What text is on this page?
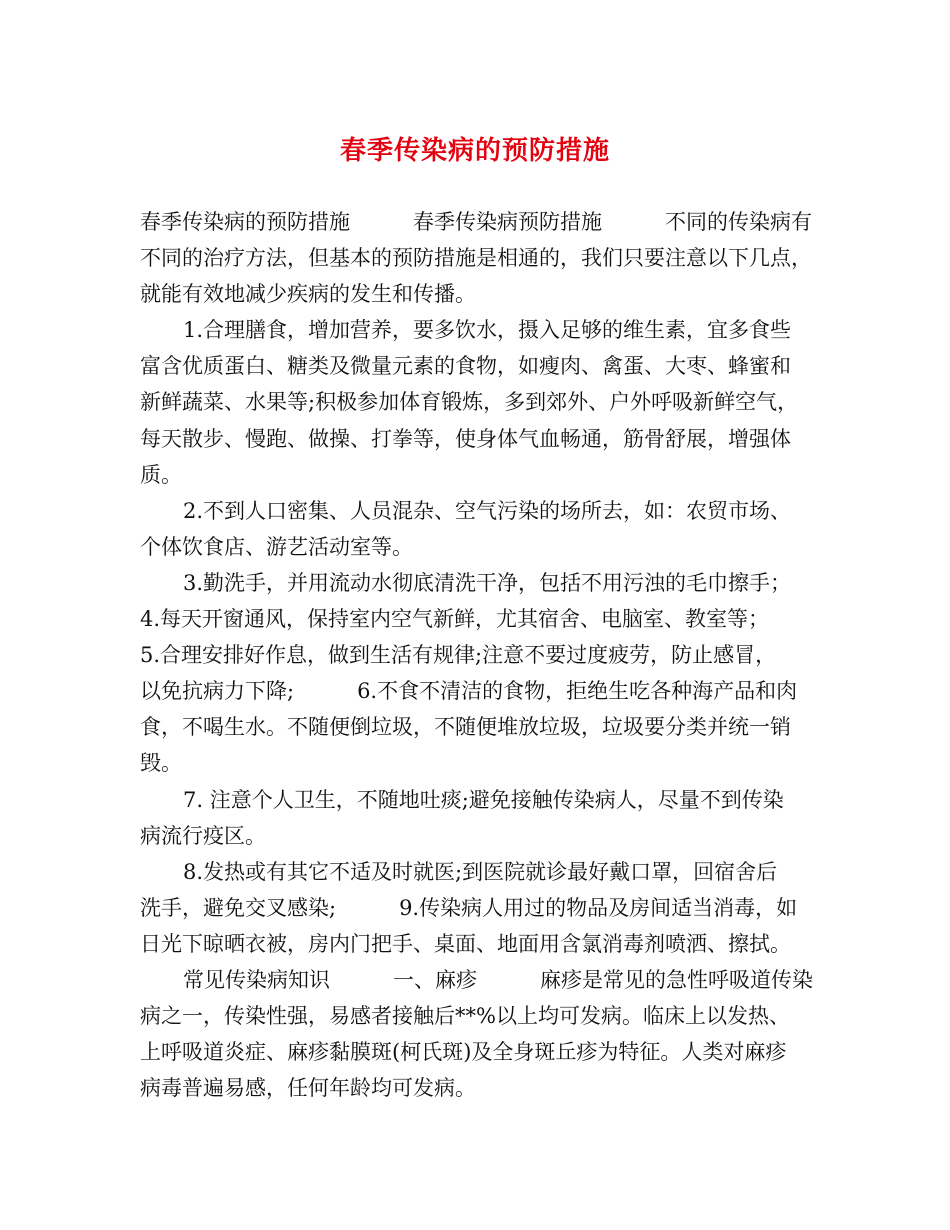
春季传染病的预防措施
春季传染病的预防措施　　　春季传染病预防措施　　　不同的传染病有
不同的治疗方法，但基本的预防措施是相通的，我们只要注意以下几点，
就能有效地减少疾病的发生和传播。
1.合理膳食，增加营养，要多饮水，摄入足够的维生素，宜多食些
富含优质蛋白、糖类及微量元素的食物，如瘦肉、禽蛋、大枣、蜂蜜和
新鲜蔬菜、水果等;积极参加体育锻炼，多到郊外、户外呼吸新鲜空气，
每天散步、慢跑、做操、打拳等，使身体气血畅通，筋骨舒展，增强体
质。
2.不到人口密集、人员混杂、空气污染的场所去，如：农贸市场、
个体饮食店、游艺活动室等。
3.勤洗手，并用流动水彻底清洗干净，包括不用污浊的毛巾擦手；
4.每天开窗通风，保持室内空气新鲜，尤其宿舍、电脑室、教室等；
5.合理安排好作息，做到生活有规律;注意不要过度疲劳，防止感冒，
以免抗病力下降;　　　6.不食不清洁的食物，拒绝生吃各种海产品和肉
食，不喝生水。不随便倒垃圾，不随便堆放垃圾，垃圾要分类并统一销
毁。
7. 注意个人卫生，不随地吐痰;避免接触传染病人，尽量不到传染
病流行疫区。
8.发热或有其它不适及时就医;到医院就诊最好戴口罩，回宿舍后
洗手，避免交叉感染;　　　9.传染病人用过的物品及房间适当消毒，如
日光下晾晒衣被，房内门把手、桌面、地面用含氯消毒剂喷洒、擦拭。
常见传染病知识　　　一、麻疹　　　麻疹是常见的急性呼吸道传染
病之一，传染性强，易感者接触后**%以上均可发病。临床上以发热、
上呼吸道炎症、麻疹黏膜斑(柯氏斑)及全身斑丘疹为特征。人类对麻疹
病毒普遍易感，任何年龄均可发病。
